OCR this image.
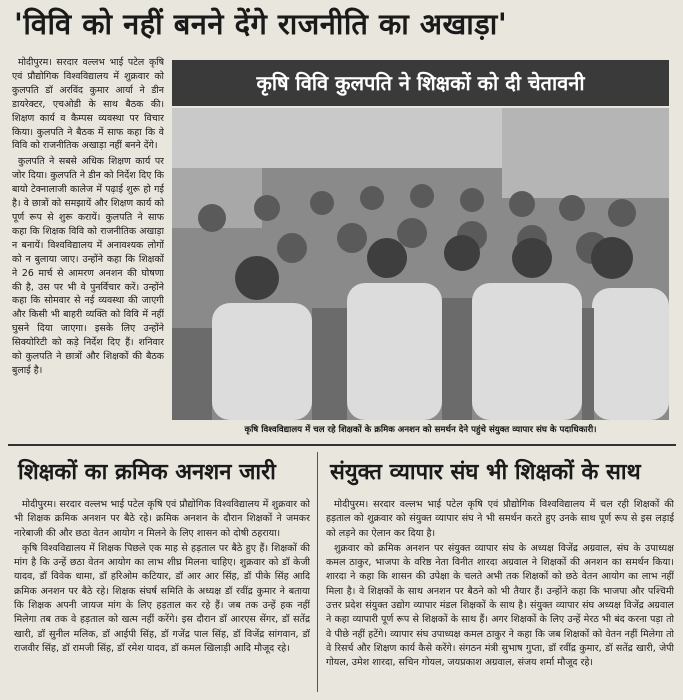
'विवि को नहीं बनने देंगे राजनीति का अखाड़ा'

मोदीपुरम। सरदार वल्लभ भाई पटेल कृषि एवं प्रौद्योगिक विश्वविद्यालय में शुक्रवार को कुलपति डॉ अरविंद कुमार आर्या ने डीन डायरेक्टर, एचओडी के साथ बैठक की। शिक्षण कार्य व कैम्पस व्यवस्था पर विचार किया। कुलपति ने बैठक में साफ कहा कि वे विवि को राजनीतिक अखाड़ा नहीं बनने देंगे।

कुलपति ने सबसे अधिक शिक्षण कार्य पर जोर दिया। कुलपति ने डीन को निर्देश दिए कि बायो टेक्नालाजी कालेज में पढ़ाई शुरू हो गई है। वे छात्रों को समझायें और शिक्षण कार्य को पूर्ण रूप से शुरू करायें। कुलपति ने साफ कहा कि शिक्षक विवि को राजनीतिक अखाड़ा न बनायें। विश्वविद्यालय में अनावश्यक लोगों को न बुलाया जाए। उन्होंने कहा कि शिक्षकों ने 26 मार्च से आमरण अनशन की घोषणा की है, उस पर भी वे पुनर्विचार करें। उन्होंने कहा कि सोमवार से नई व्यवस्था की जाएगी और किसी भी बाहरी व्यक्ति को विवि में नहीं घुसने दिया जाएगा। इसके लिए उन्होंने सिक्योरिटी को कड़े निर्देश दिए हैं। शनिवार को कुलपति ने छात्रों और शिक्षकों की बैठक बुलाई है।

कृषि विवि कुलपति ने शिक्षकों को दी चेतावनी
कृषि विश्वविद्यालय में चल रहे शिक्षकों के क्रमिक अनशन को समर्थन देने पहुंचे संयुक्त व्यापार संघ के पदाधिकारी।
शिक्षकों का क्रमिक अनशन जारी	संयुक्त व्यापार संघ भी शिक्षकों के साथ

मोदीपुरम। सरदार वल्लभ भाई पटेल कृषि एवं प्रौद्योगिक विश्वविद्यालय में शुक्रवार को भी शिक्षक क्रमिक अनशन पर बैठे रहे। क्रमिक अनशन के दौरान शिक्षकों ने जमकर नारेबाजी की और छठा वेतन आयोग न मिलने के लिए शासन को दोषी ठहराया।

कृषि विश्वविद्यालय में शिक्षक पिछले एक माह से हड़ताल पर बैठे हुए हैं। शिक्षकों की मांग है कि उन्हें छठा वेतन आयोग का लाभ शीघ्र मिलना चाहिए। शुक्रवार को डॉ केजी यादव, डॉ विवेक धामा, डॉ हरिओम कटियार, डॉ आर आर सिंह, डॉ पीके सिंह आदि क्रमिक अनशन पर बैठे रहे। शिक्षक संघर्ष समिति के अध्यक्ष डॉ रवींद्र कुमार ने बताया कि शिक्षक अपनी जायज मांग के लिए हड़ताल कर रहे हैं। जब तक उन्हें हक नहीं मिलेगा तब तक वे हड़ताल को खत्म नहीं करेंगे। इस दौरान डॉ आरएस सेंगर, डॉ सतेंद्र खारी, डॉ सुनील मलिक, डॉ आईपी सिंह, डॉ गजेंद्र पाल सिंह, डॉ विजेंद्र सांगवान, डॉ राजवीर सिंह, डॉ रामजी सिंह, डॉ रमेश यादव, डॉ कमल खिलाड़ी आदि मौजूद रहे।

मोदीपुरम। सरदार वल्लभ भाई पटेल कृषि एवं प्रौद्योगिक विश्वविद्यालय में चल रही शिक्षकों की हड़ताल को शुक्रवार को संयुक्त व्यापार संघ ने भी समर्थन करते हुए उनके साथ पूर्ण रूप से इस लड़ाई को लड़ने का ऐलान कर दिया है।

शुक्रवार को क्रमिक अनशन पर संयुक्त व्यापार संघ के अध्यक्ष विजेंद्र अग्रवाल, संघ के उपाध्यक्ष कमल ठाकुर, भाजपा के वरिष्ठ नेता विनीत शारदा अग्रवाल ने शिक्षकों की अनशन का समर्थन किया। शारदा ने कहा कि शासन की उपेक्षा के चलते अभी तक शिक्षकों को छठे वेतन आयोग का लाभ नहीं मिला है। वे शिक्षकों के साथ अनशन पर बैठने को भी तैयार हैं। उन्होंने कहा कि भाजपा और पश्चिमी उत्तर प्रदेश संयुक्त उद्योग व्यापार मंडल शिक्षकों के साथ है। संयुक्त व्यापार संघ अध्यक्ष विजेंद्र अग्रवाल ने कहा व्यापारी पूर्ण रूप से शिक्षकों के साथ हैं। अगर शिक्षकों के लिए उन्हें मेरठ भी बंद करना पड़ा तो वे पीछे नहीं हटेंगे। व्यापार संघ उपाध्यक्ष कमल ठाकुर ने कहा कि जब शिक्षकों को वेतन नहीं मिलेगा तो वे रिसर्च और शिक्षण कार्य कैसे करेंगे। संगठन मंत्री सुभाष गुप्ता, डॉ रवींद्र कुमार, डॉ सतेंद्र खारी, जेपी गोयल, उमेश शारदा, सचिन गोयल, जयप्रकाश अग्रवाल, संजय शर्मा मौजूद रहे।
